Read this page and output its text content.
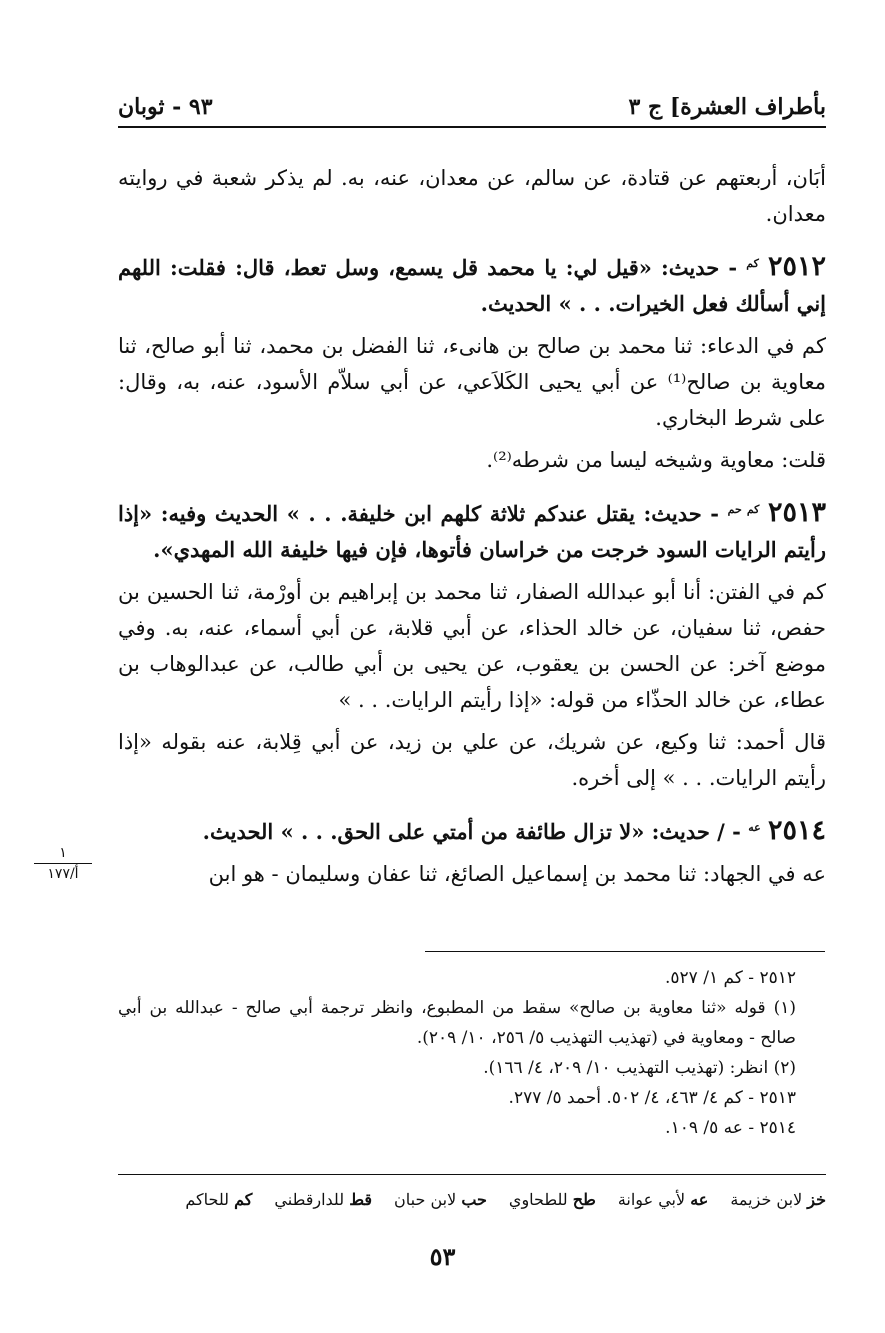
بأطراف العشرة] ج ٣
٩٣ - ثوبان

أبَان، أربعتهم عن قتادة، عن سالم، عن معدان، عنه، به. لم يذكر شعبة في روايته معدان.

٢٥١٢ $^{كم}$ - حديث: «قيل لي: يا محمد قل يسمع، وسل تعط، قال: فقلت: اللهم إني أسألك فعل الخيرات. . . » الحديث.

كم في الدعاء: ثنا محمد بن صالح بن هانىء، ثنا الفضل بن محمد، ثنا أبو صالح، ثنا معاوية بن صالح⁽¹⁾ عن أبي يحيى الكَلاَعي، عن أبي سلاّم الأسود، عنه، به، وقال: على شرط البخاري.

قلت: معاوية وشيخه ليسا من شرطه⁽²⁾.

٢٥١٣ $^{كم حم}$ - حديث: يقتل عندكم ثلاثة كلهم ابن خليفة. . . » الحديث وفيه: «إذا رأيتم الرايات السود خرجت من خراسان فأتوها، فإن فيها خليفة الله المهدي».

كم في الفتن: أنا أبو عبدالله الصفار، ثنا محمد بن إبراهيم بن أورْمة، ثنا الحسين بن حفص، ثنا سفيان، عن خالد الحذاء، عن أبي قلابة، عن أبي أسماء، عنه، به. وفي موضع آخر: عن الحسن بن يعقوب، عن يحيى بن أبي طالب، عن عبدالوهاب بن عطاء، عن خالد الحذّاء من قوله: «إذا رأيتم الرايات. . . »

قال أحمد: ثنا وكيع، عن شريك، عن علي بن زيد، عن أبي قِلابة، عنه بقوله «إذا رأيتم الرايات. . . » إلى أخره.

٢٥١٤ $^{عه}$ - / حديث: «لا تزال طائفة من أمتي على الحق. . . » الحديث.

عه في الجهاد: ثنا محمد بن إسماعيل الصائغ، ثنا عفان وسليمان - هو ابن

١
أ/١٧٧

٢٥١٢ - كم ١/ ٥٢٧.

(١) قوله «ثنا معاوية بن صالح» سقط من المطبوع، وانظر ترجمة أبي صالح - عبدالله بن أبي صالح - ومعاوية في (تهذيب التهذيب ٥/ ٢٥٦، ١٠/ ٢٠٩).

(٢) انظر: (تهذيب التهذيب ١٠/ ٢٠٩، ٤/ ١٦٦).

٢٥١٣ - كم ٤/ ٤٦٣، ٤/ ٥٠٢. أحمد ٥/ ٢٧٧.

٢٥١٤ - عه ٥/ ١٠٩.

خز لابن خزيمة
عه لأبي عوانة
طح للطحاوي
حب لابن حبان
قط للدارقطني
كم للحاكم
٥٣
